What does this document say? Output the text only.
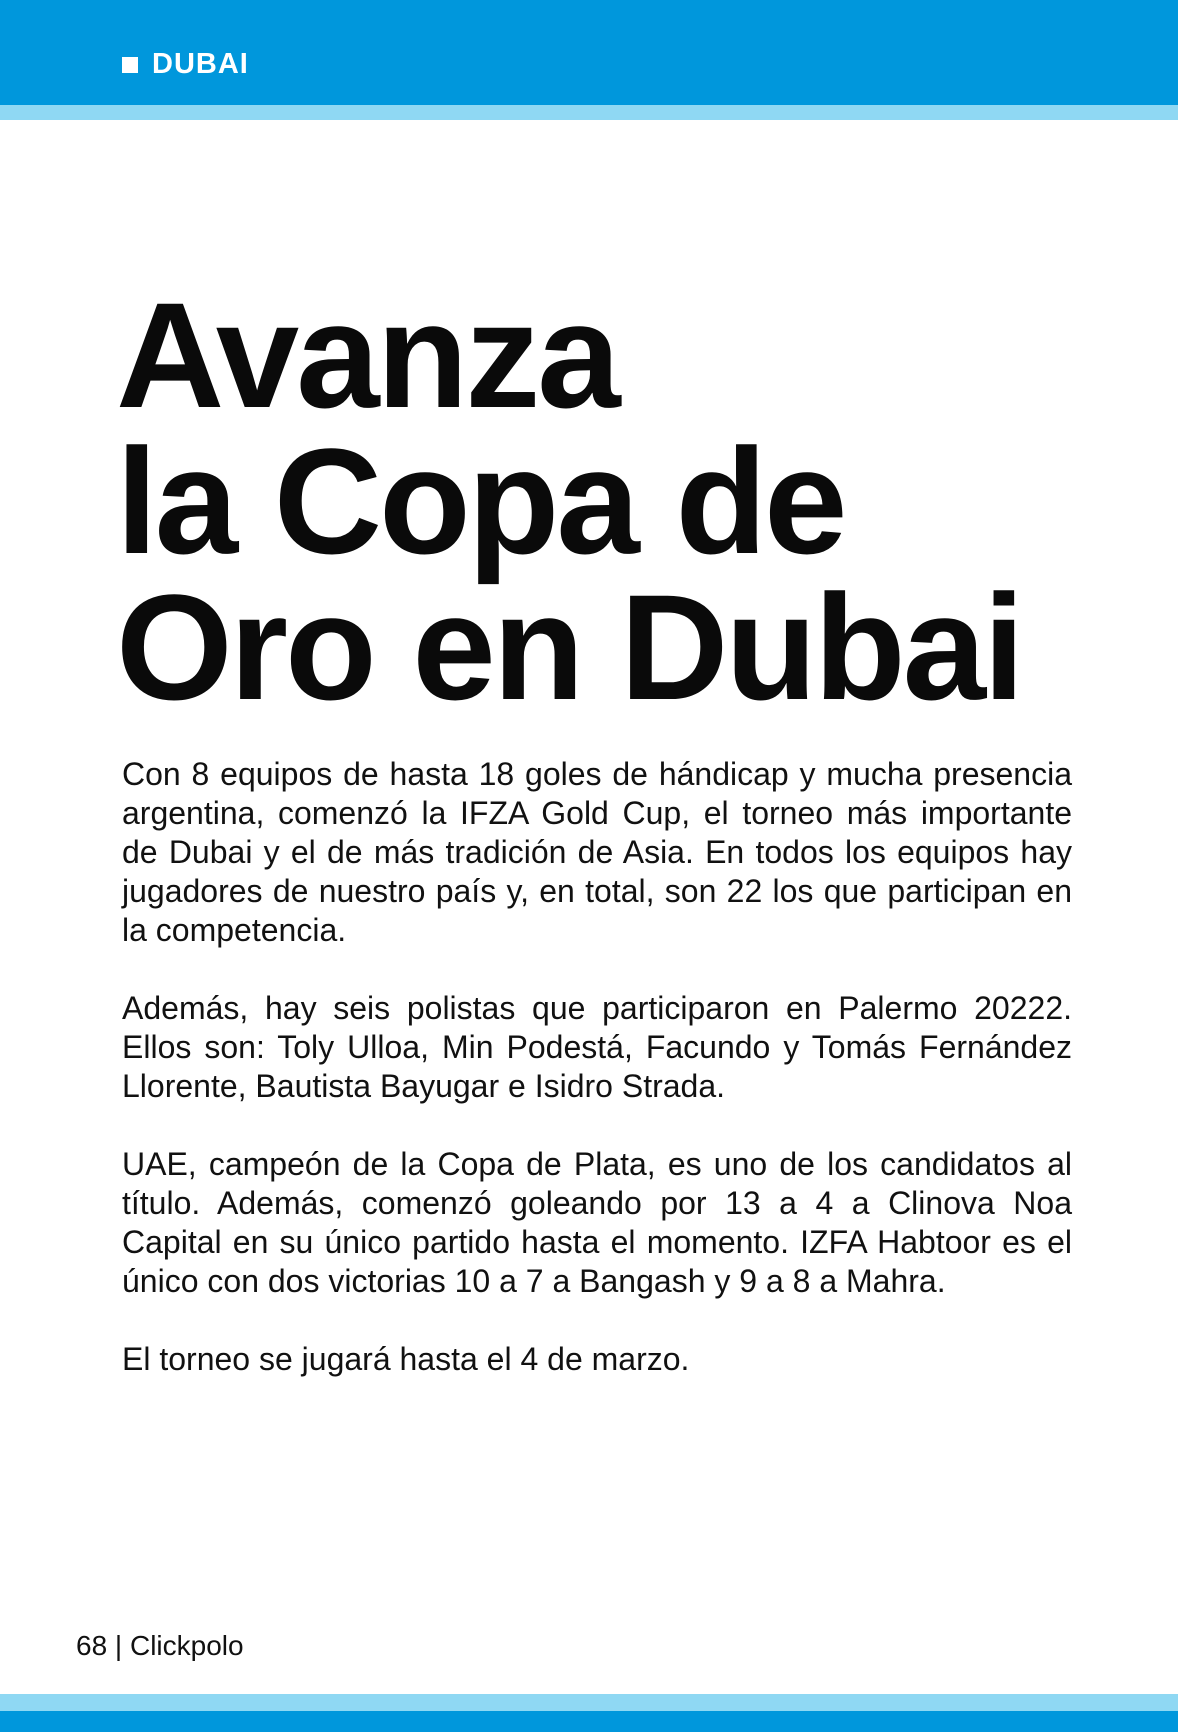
DUBAI
Avanza
la Copa de
Oro en Dubai

Con 8 equipos de hasta 18 goles de hándicap y mucha presencia argentina, comenzó la IFZA Gold Cup, el torneo más importante de Dubai y el de más tradición de Asia. En todos los equipos hay jugadores de nuestro país y, en total, son 22 los que participan en la competencia.

Además, hay seis polistas que participaron en Palermo 20222. Ellos son: Toly Ulloa, Min Podestá, Facundo y Tomás Fernández Llorente, Bautista Bayugar e Isidro Strada.

UAE, campeón de la Copa de Plata, es uno de los candidatos al título. Además, comenzó goleando por 13 a 4 a Clinova Noa Capital en su único partido hasta el momento. IZFA Habtoor es el único con dos victorias 10 a 7 a Bangash y 9 a 8 a Mahra.

El torneo se jugará hasta el 4 de marzo.

68 | Clickpolo
